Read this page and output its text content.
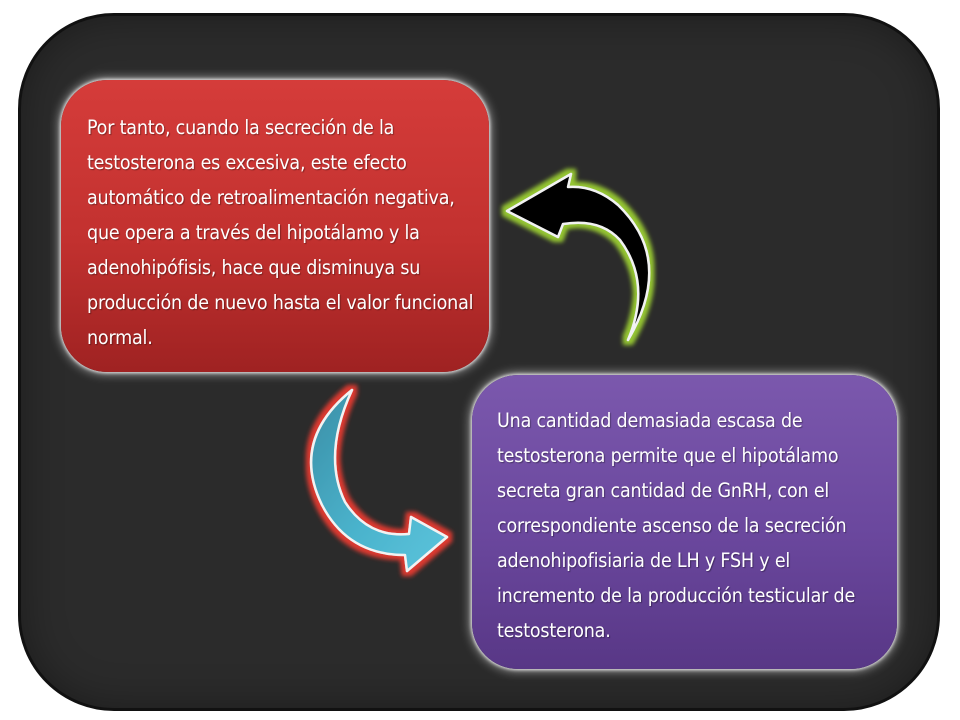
Por tanto, cuando la secreción de la testosterona es excesiva, este efecto automático de retroalimentación negativa, que opera a través del hipotálamo y la adenohipófisis, hace que disminuya su producción de nuevo hasta el valor funcional normal.

Una cantidad demasiada escasa de testosterona permite que el hipotálamo secreta gran cantidad de GnRH, con el correspondiente ascenso de la secreción adenohipofisiaria de LH y FSH y el incremento de la producción testicular de testosterona.
